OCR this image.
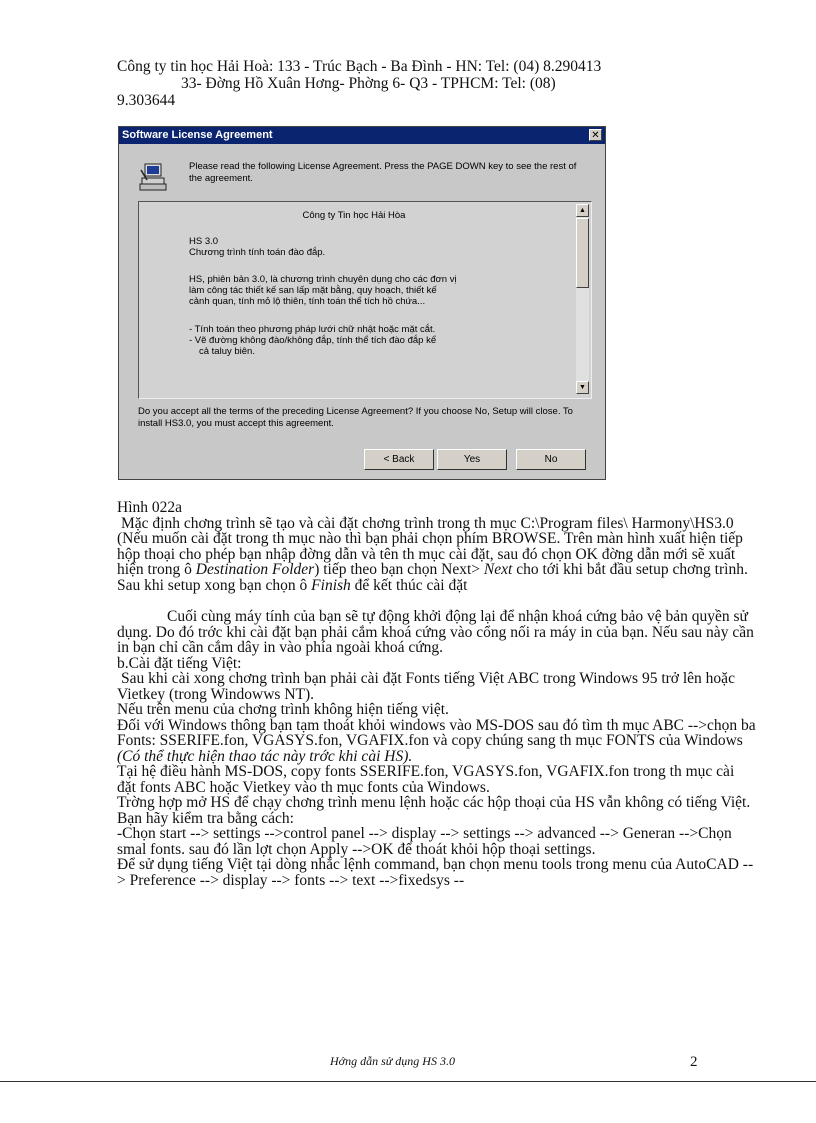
Công ty tin học Hải Hoà: 133 - Trúc Bạch - Ba Đình - HN: Tel: (04) 8.290413
33- Đờng Hồ Xuân Hơng- Phờng 6- Q3 - TPHCM: Tel: (08)
9.303644
Software License Agreement	✕
Please read the following License Agreement. Press the PAGE DOWN key to see the rest of the agreement.
Công ty Tin học Hải Hòa
HS 3.0
Chương trình tính toán đào đắp.
HS, phiên bản 3.0, là chương trình chuyên dụng cho các đơn vị
làm công tác thiết kế san lấp mặt bằng, quy hoạch, thiết kế
cảnh quan, tính mỏ lộ thiên, tính toán thể tích hồ chứa...
- Tính toán theo phương pháp lưới chữ nhật hoặc mặt cắt.
- Vẽ đường không đào/không đắp, tính thể tích đào đắp kể
cả taluy biên.
▲
▼
Do you accept all the terms of the preceding License Agreement? If you choose No, Setup will close. To install HS3.0, you must accept this agreement.
< Back	Yes	No

Hình 022a

Mặc định chơng trình sẽ tạo và cài đặt chơng trình trong th mục C:\Program files\ Harmony\HS3.0 (Nếu muốn cài đặt trong th mục nào thì bạn phải chọn phím BROWSE. Trên màn hình xuất hiện tiếp hộp thoại cho phép bạn nhập đờng dẫn và tên th mục cài đặt, sau đó chọn OK đờng dẫn mới sẽ xuất hiện trong ô Destination Folder) tiếp theo bạn chọn Next> Next cho tới khi bắt đầu setup chơng trình.

Sau khi setup xong bạn chọn ô Finish để kết thúc cài đặt

Cuối cùng máy tính của bạn sẽ tự động khởi động lại để nhận khoá cứng bảo vệ bản quyền sử dụng. Do đó trớc khi cài đặt bạn phải cắm khoá cứng vào cổng nối ra máy in của bạn. Nếu sau này cần in bạn chỉ cần cắm dây in vào phía ngoài khoá cứng.

b.Cài đặt tiếng Việt:

Sau khi cài xong chơng trình bạn phải cài đặt Fonts tiếng Việt ABC trong Windows 95 trở lên hoặc Vietkey (trong Windowws NT).

Nếu trên menu của chơng trình không hiện tiếng việt.

Đối với Windows thông bạn tạm thoát khỏi windows vào MS-DOS sau đó tìm th mục ABC -->chọn ba Fonts: SSERIFE.fon, VGASYS.fon, VGAFIX.fon và copy chúng sang th mục FONTS của Windows (Có thể thực hiện thao tác này trớc khi cài HS).

Tại hệ điều hành MS-DOS, copy fonts SSERIFE.fon, VGASYS.fon, VGAFIX.fon trong th mục cài đặt fonts ABC hoặc Vietkey vào th mục fonts của Windows.

Trờng hợp mở HS để chạy chơng trình menu lệnh hoặc các hộp thoại của HS vẫn không có tiếng Việt. Bạn hãy kiểm tra bằng cách:

-Chọn start --> settings -->control panel --> display --> settings --> advanced --> Generan -->Chọn smal fonts. sau đó lần lợt chọn Apply -->OK để thoát khỏi hộp thoại settings.

Để sử dụng tiếng Việt tại dòng nhắc lệnh command, bạn chọn menu tools trong menu của AutoCAD --> Preference --> display --> fonts --> text -->fixedsys --

Hớng dẫn sử dụng HS 3.0	2
